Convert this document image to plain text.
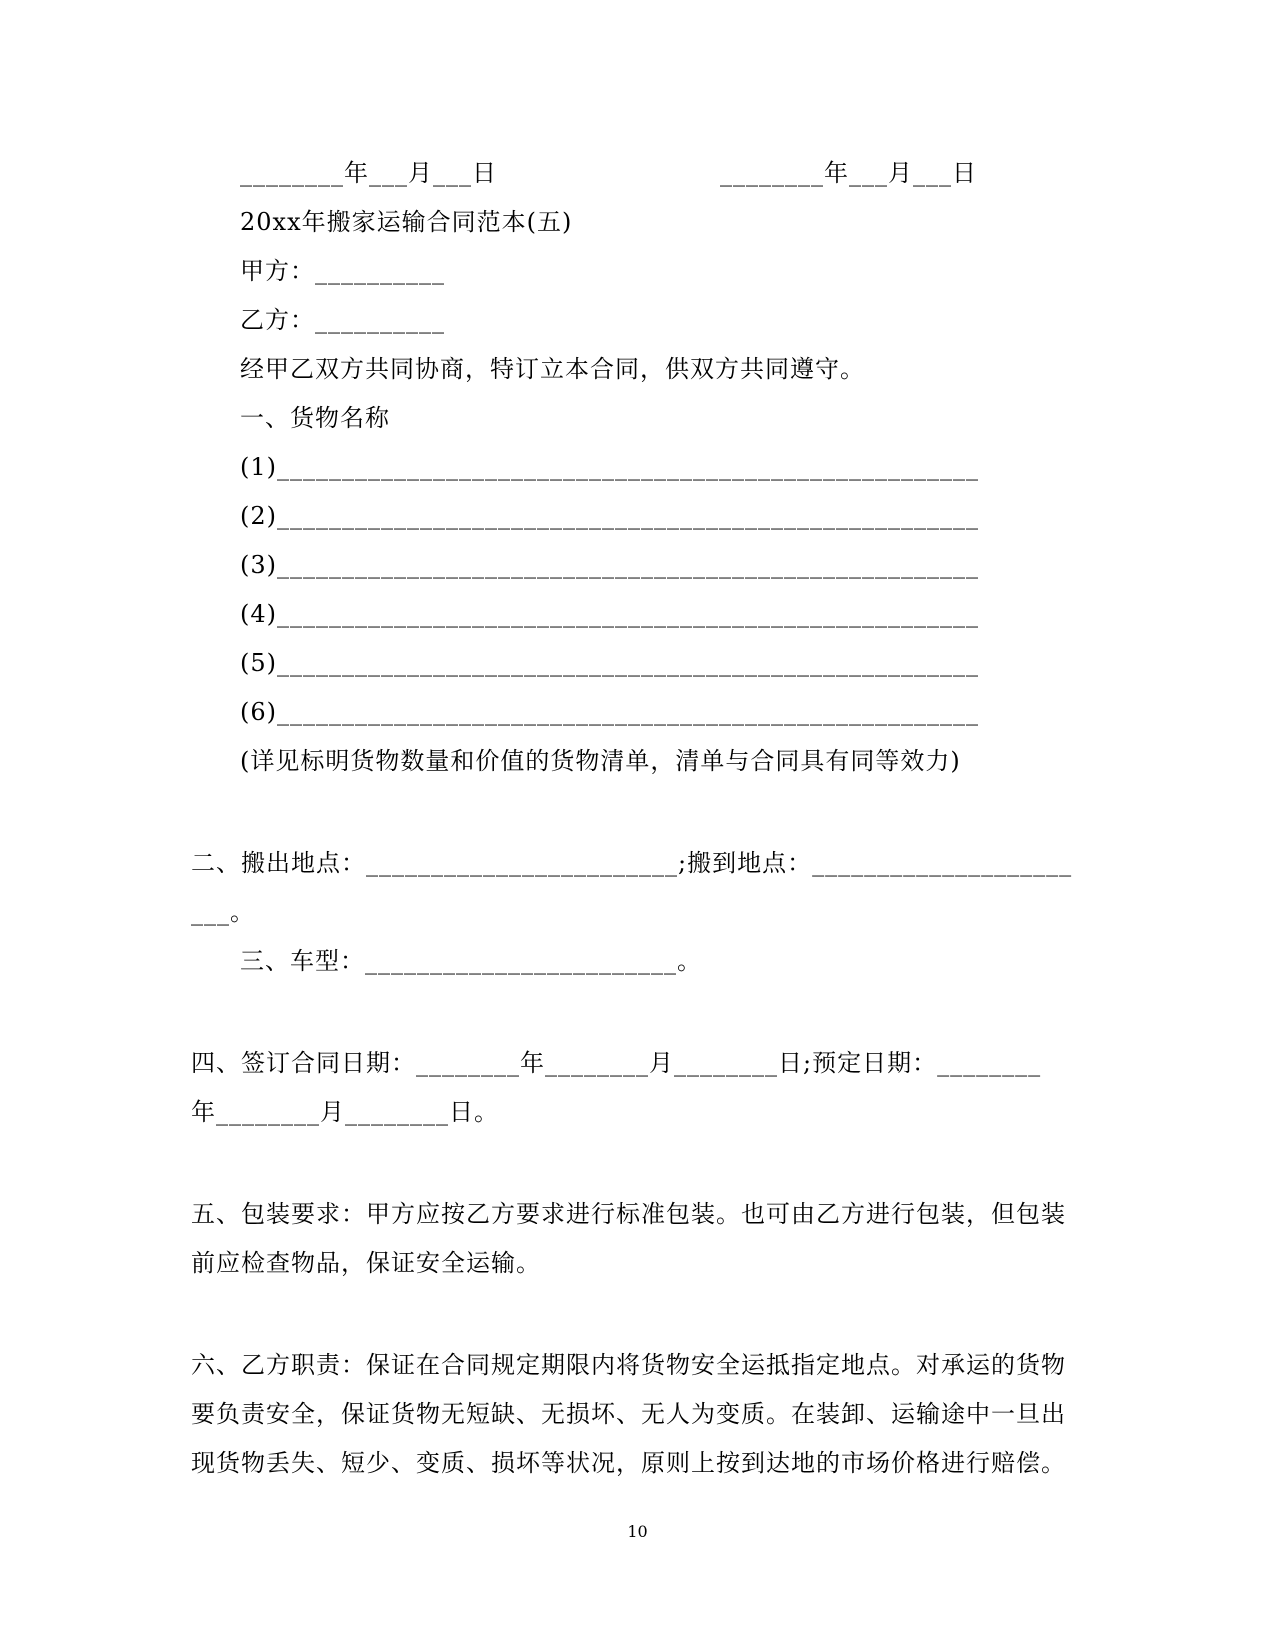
________年___月___日	________年___月___日
20xx年搬家运输合同范本(五)
甲方：__________
乙方：__________
经甲乙双方共同协商，特订立本合同，供双方共同遵守。
一、货物名称
(1)______________________________________________________
(2)______________________________________________________
(3)______________________________________________________
(4)______________________________________________________
(5)______________________________________________________
(6)______________________________________________________
(详见标明货物数量和价值的货物清单，清单与合同具有同等效力)
二、搬出地点：________________________;搬到地点：____________________
___。
三、车型：________________________。
四、签订合同日期：________年________月________日;预定日期：________
年________月________日。
五、包装要求：甲方应按乙方要求进行标准包装。也可由乙方进行包装，但包装
前应检查物品，保证安全运输。
六、乙方职责：保证在合同规定期限内将货物安全运抵指定地点。对承运的货物
要负责安全，保证货物无短缺、无损坏、无人为变质。在装卸、运输途中一旦出
现货物丢失、短少、变质、损坏等状况，原则上按到达地的市场价格进行赔偿。
10
